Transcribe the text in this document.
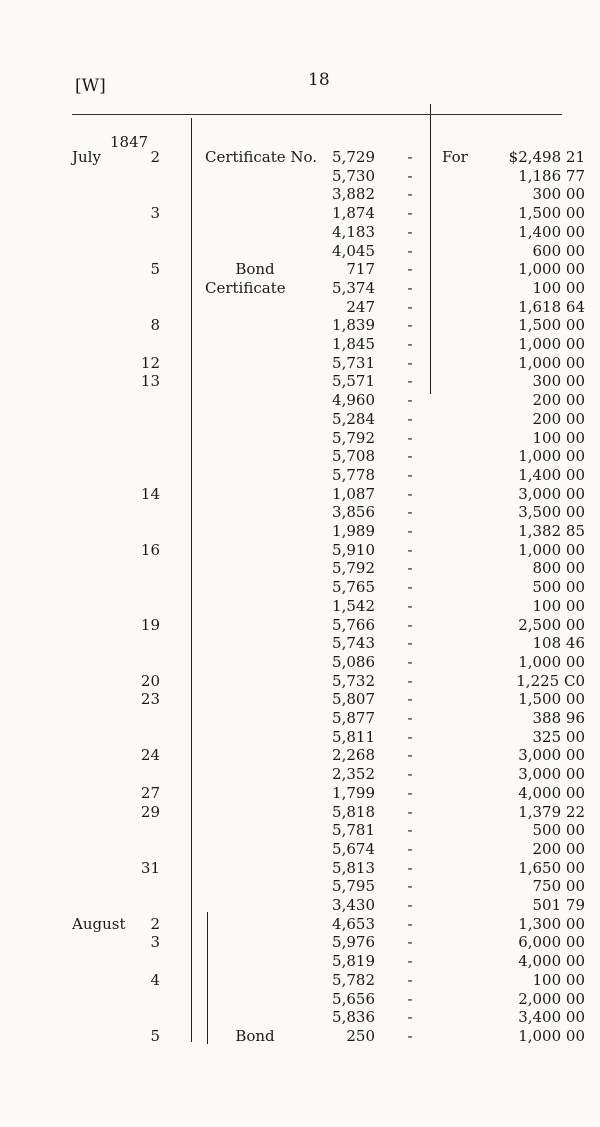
[W]	18
1847
July	2	Certificate No.	5,729	-	For	$2,498 21
5,730	-	1,186 77
3,882	-	300 00
3	1,874	-	1,500 00
4,183	-	1,400 00
4,045	-	600 00
5	Bond	717	-	1,000 00
Certificate	5,374	-	100 00
247	-	1,618 64
8	1,839	-	1,500 00
1,845	-	1,000 00
12	5,731	-	1,000 00
13	5,571	-	300 00
4,960	-	200 00
5,284	-	200 00
5,792	-	100 00
5,708	-	1,000 00
5,778	-	1,400 00
14	1,087	-	3,000 00
3,856	-	3,500 00
1,989	-	1,382 85
16	5,910	-	1,000 00
5,792	-	800 00
5,765	-	500 00
1,542	-	100 00
19	5,766	-	2,500 00
5,743	-	108 46
5,086	-	1,000 00
20	5,732	-	1,225 C0
23	5,807	-	1,500 00
5,877	-	388 96
5,811	-	325 00
24	2,268	-	3,000 00
2,352	-	3,000 00
27	1,799	-	4,000 00
29	5,818	-	1,379 22
5,781	-	500 00
5,674	-	200 00
31	5,813	-	1,650 00
5,795	-	750 00
3,430	-	501 79
August	2	4,653	-	1,300 00
3	5,976	-	6,000 00
5,819	-	4,000 00
4	5,782	-	100 00
5,656	-	2,000 00
5,836	-	3,400 00
5	Bond	250	-	1,000 00
